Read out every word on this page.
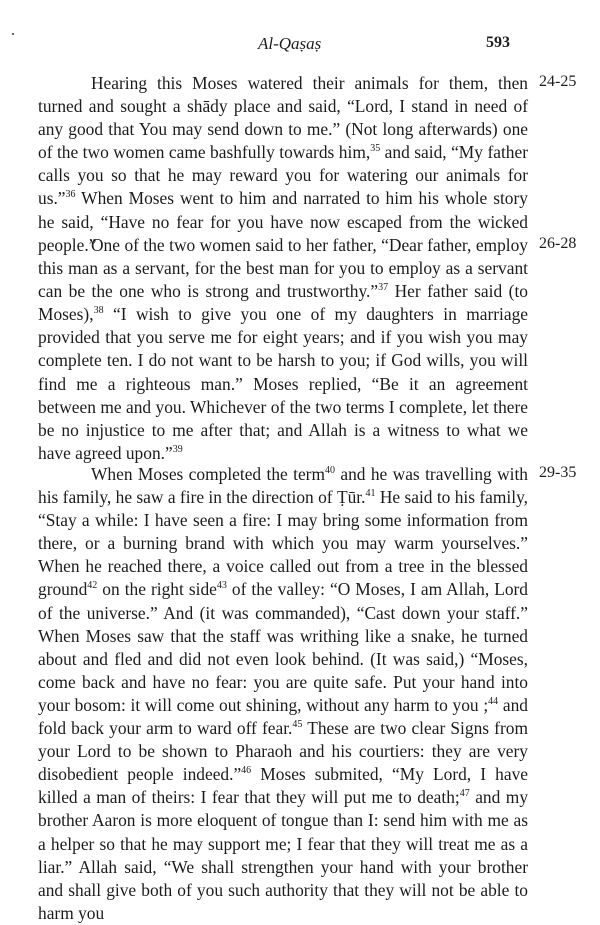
Al-Qaṣaṣ	593

Hearing this Moses watered their animals for them, then turned and sought a shādy place and said, “Lord, I stand in need of any good that You may send down to me.” (Not long afterwards) one of the two women came bashfully towards him,$^{35}$ and said, “My father calls you so that he may reward you for watering our animals for us.”$^{36}$ When Moses went to him and narrated to him his whole story he said, “Have no fear for you have now escaped from the wicked people.”

24-25

One of the two women said to her father, “Dear father, employ this man as a servant, for the best man for you to employ as a servant can be the one who is strong and trustworthy.”$^{37}$ Her father said (to Moses),$^{38}$ “I wish to give you one of my daughters in marriage provided that you serve me for eight years; and if you wish you may complete ten. I do not want to be harsh to you; if God wills, you will find me a righteous man.” Moses replied, “Be it an agreement between me and you. Whichever of the two terms I complete, let there be no injustice to me after that; and Allah is a witness to what we have agreed upon.”$^{39}$

26-28

When Moses completed the term$^{40}$ and he was travelling with his family, he saw a fire in the direction of Ṭūr.$^{41}$ He said to his family, “Stay a while: I have seen a fire: I may bring some information from there, or a burning brand with which you may warm yourselves.” When he reached there, a voice called out from a tree in the blessed ground$^{42}$ on the right side$^{43}$ of the valley: “O Moses, I am Allah, Lord of the universe.” And (it was commanded), “Cast down your staff.” When Moses saw that the staff was writhing like a snake, he turned about and fled and did not even look behind. (It was said,) “Moses, come back and have no fear: you are quite safe. Put your hand into your bosom: it will come out shining, without any harm to you ;$^{44}$ and fold back your arm to ward off fear.$^{45}$ These are two clear Signs from your Lord to be shown to Pharaoh and his courtiers: they are very disobedient people indeed.”$^{46}$ Moses submited, “My Lord, I have killed a man of theirs: I fear that they will put me to death;$^{47}$ and my brother Aaron is more eloquent of tongue than I: send him with me as a helper so that he may support me; I fear that they will treat me as a liar.” Allah said, “We shall strengthen your hand with your brother and shall give both of you such authority that they will not be able to harm you

29-35
